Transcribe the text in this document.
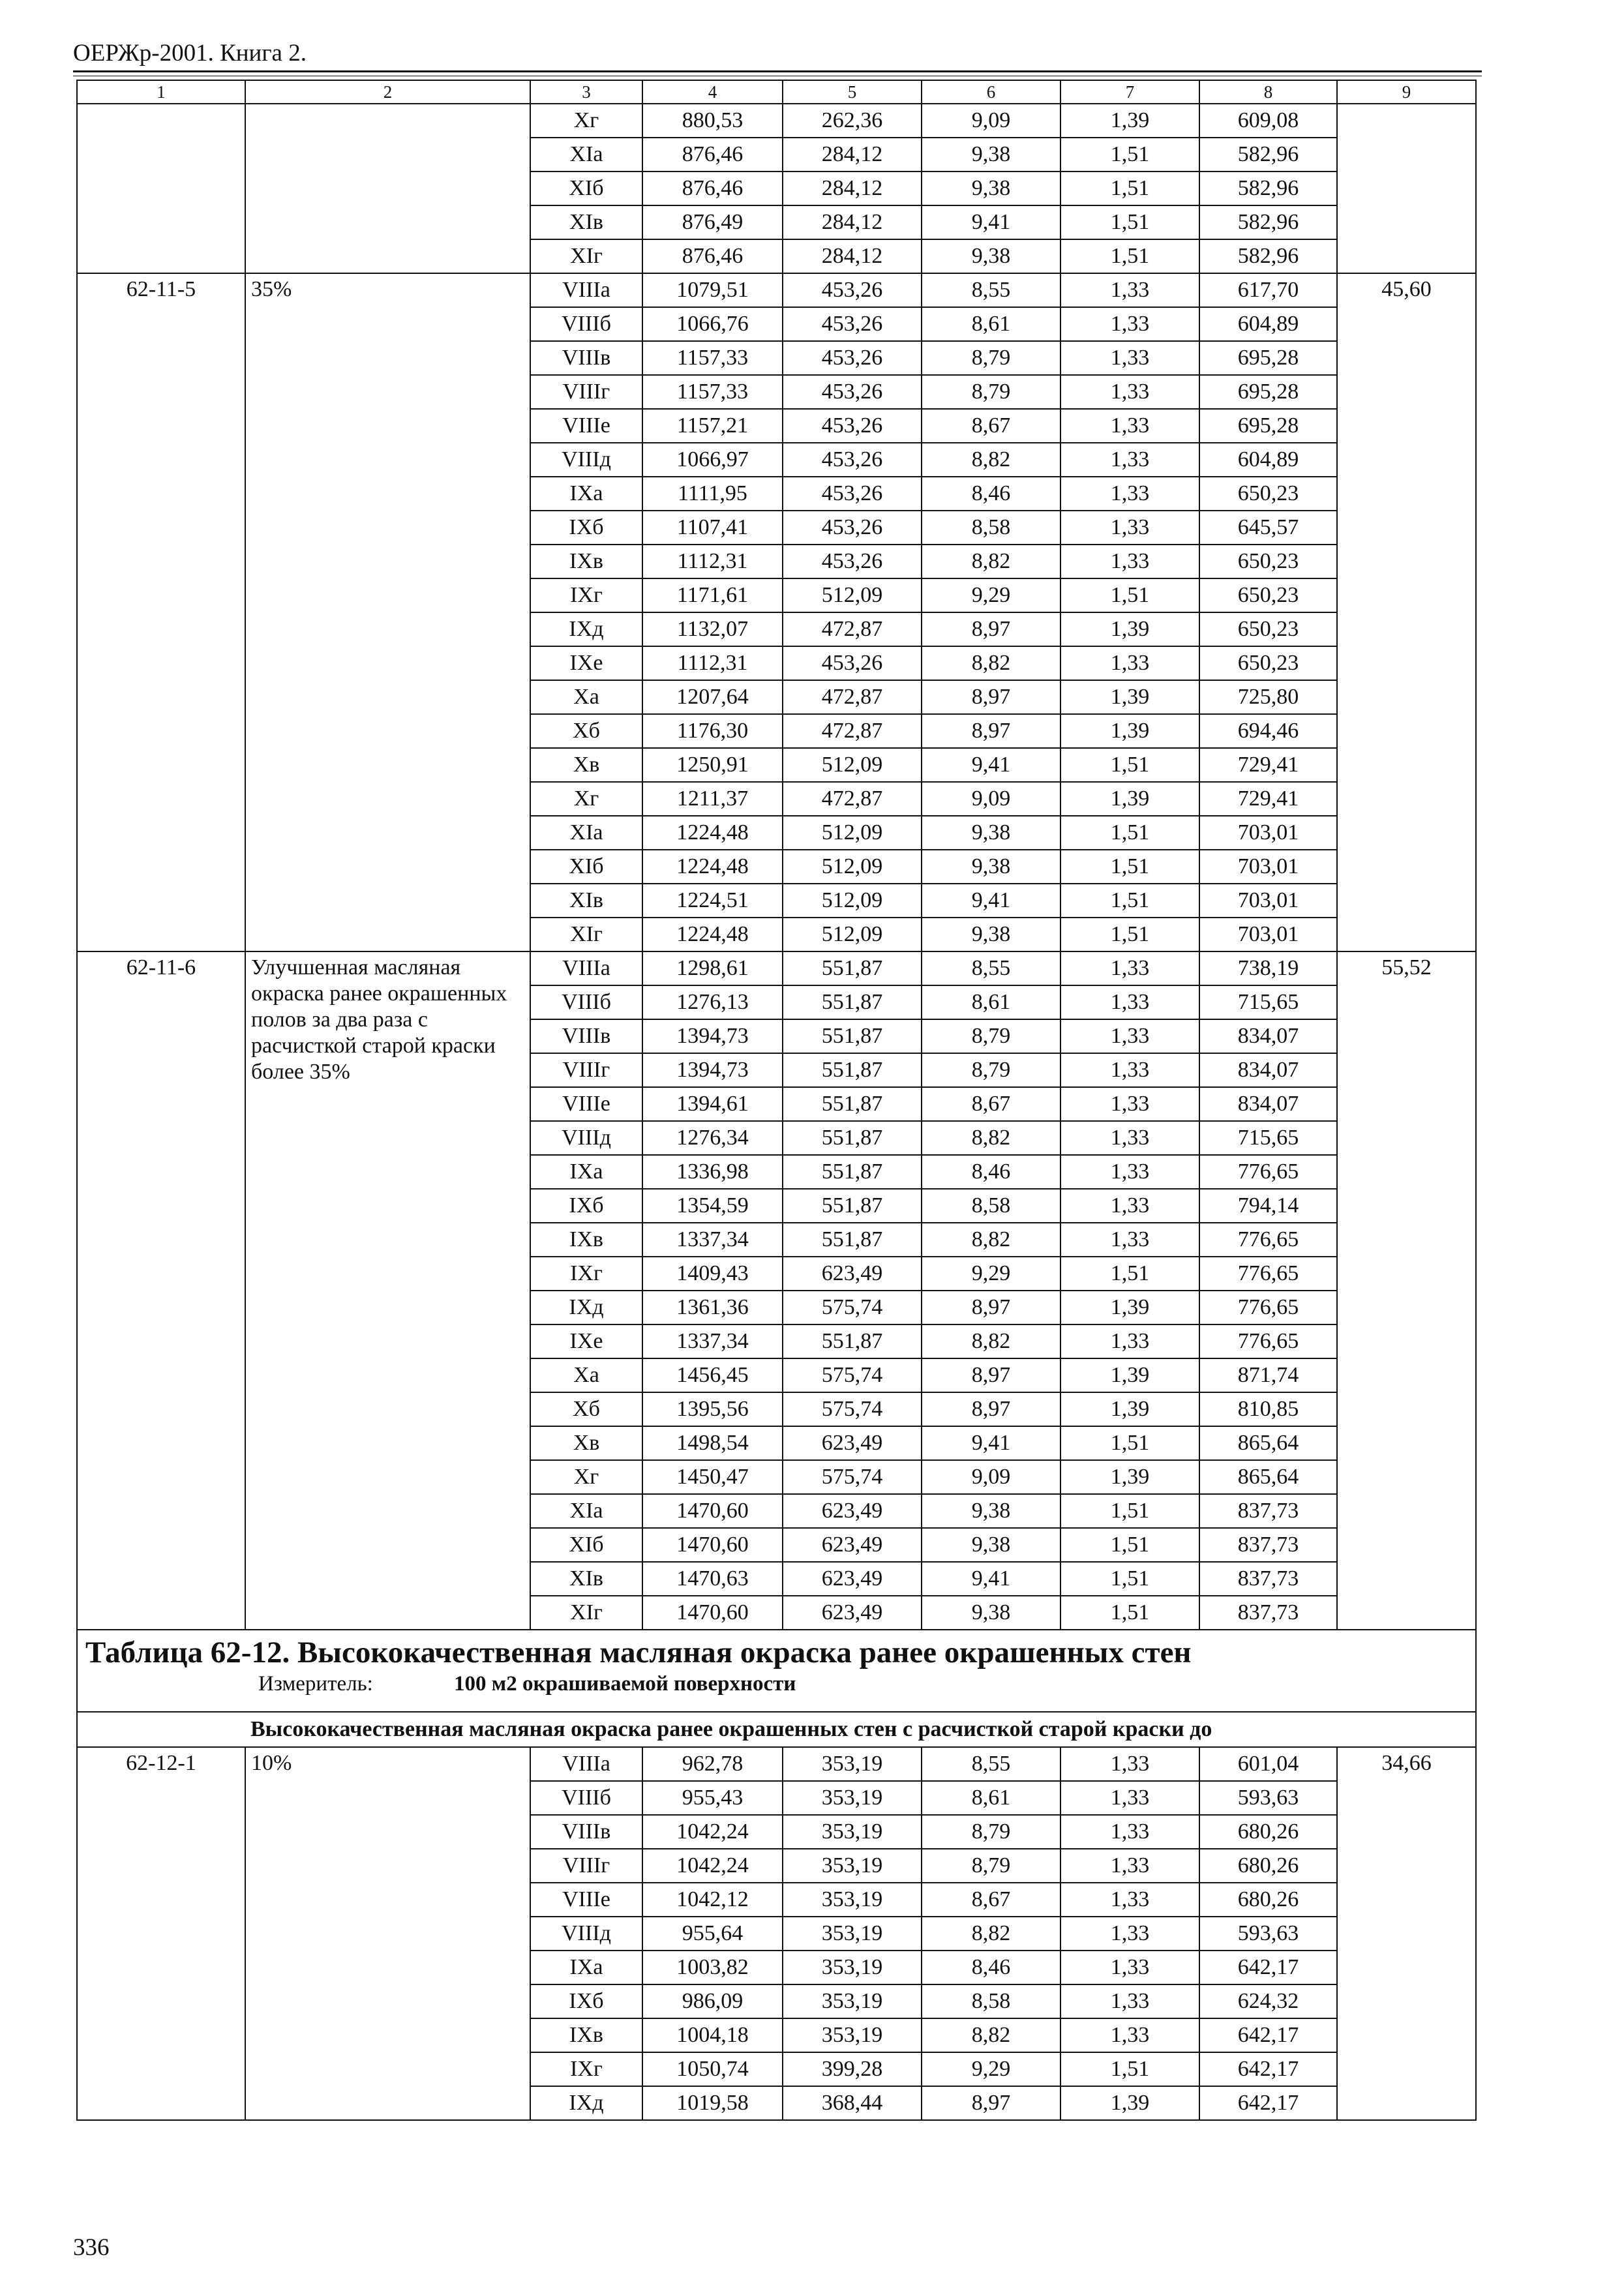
ОЕРЖр-2001. Книга 2.
1	2	3	4	5	6	7	8	9
		Xг	880,53	262,36	9,09	1,39	609,08	
		XIа	876,46	284,12	9,38	1,51	582,96	
		XIб	876,46	284,12	9,38	1,51	582,96	
		XIв	876,49	284,12	9,41	1,51	582,96	
		XIг	876,46	284,12	9,38	1,51	582,96	
62-11-5	35%	VIIIа	1079,51	453,26	8,55	1,33	617,70	45,60
		VIIIб	1066,76	453,26	8,61	1,33	604,89	
		VIIIв	1157,33	453,26	8,79	1,33	695,28	
		VIIIг	1157,33	453,26	8,79	1,33	695,28	
		VIIIе	1157,21	453,26	8,67	1,33	695,28	
		VIIIд	1066,97	453,26	8,82	1,33	604,89	
		IXа	1111,95	453,26	8,46	1,33	650,23	
		IXб	1107,41	453,26	8,58	1,33	645,57	
		IXв	1112,31	453,26	8,82	1,33	650,23	
		IXг	1171,61	512,09	9,29	1,51	650,23	
		IXд	1132,07	472,87	8,97	1,39	650,23	
		IXе	1112,31	453,26	8,82	1,33	650,23	
		Xа	1207,64	472,87	8,97	1,39	725,80	
		Xб	1176,30	472,87	8,97	1,39	694,46	
		Xв	1250,91	512,09	9,41	1,51	729,41	
		Xг	1211,37	472,87	9,09	1,39	729,41	
		XIа	1224,48	512,09	9,38	1,51	703,01	
		XIб	1224,48	512,09	9,38	1,51	703,01	
		XIв	1224,51	512,09	9,41	1,51	703,01	
		XIг	1224,48	512,09	9,38	1,51	703,01	
62-11-6	Улучшенная масляная окраска ранее окрашенных полов за два раза с расчисткой старой краски более 35%	VIIIа	1298,61	551,87	8,55	1,33	738,19	55,52
		VIIIб	1276,13	551,87	8,61	1,33	715,65	
		VIIIв	1394,73	551,87	8,79	1,33	834,07	
		VIIIг	1394,73	551,87	8,79	1,33	834,07	
		VIIIе	1394,61	551,87	8,67	1,33	834,07	
		VIIIд	1276,34	551,87	8,82	1,33	715,65	
		IXа	1336,98	551,87	8,46	1,33	776,65	
		IXб	1354,59	551,87	8,58	1,33	794,14	
		IXв	1337,34	551,87	8,82	1,33	776,65	
		IXг	1409,43	623,49	9,29	1,51	776,65	
		IXд	1361,36	575,74	8,97	1,39	776,65	
		IXе	1337,34	551,87	8,82	1,33	776,65	
		Xа	1456,45	575,74	8,97	1,39	871,74	
		Xб	1395,56	575,74	8,97	1,39	810,85	
		Xв	1498,54	623,49	9,41	1,51	865,64	
		Xг	1450,47	575,74	9,09	1,39	865,64	
		XIа	1470,60	623,49	9,38	1,51	837,73	
		XIб	1470,60	623,49	9,38	1,51	837,73	
		XIв	1470,63	623,49	9,41	1,51	837,73	
		XIг	1470,60	623,49	9,38	1,51	837,73	

Таблица 62-12. Высококачественная масляная окраска ранее окрашенных стен
Измеритель: 100 м2 окрашиваемой поверхности								

Высококачественная масляная окраска ранее окрашенных стен с расчисткой старой краски до								
62-12-1	10%	VIIIа	962,78	353,19	8,55	1,33	601,04	34,66
		VIIIб	955,43	353,19	8,61	1,33	593,63	
		VIIIв	1042,24	353,19	8,79	1,33	680,26	
		VIIIг	1042,24	353,19	8,79	1,33	680,26	
		VIIIе	1042,12	353,19	8,67	1,33	680,26	
		VIIIд	955,64	353,19	8,82	1,33	593,63	
		IXа	1003,82	353,19	8,46	1,33	642,17	
		IXб	986,09	353,19	8,58	1,33	624,32	
		IXв	1004,18	353,19	8,82	1,33	642,17	
		IXг	1050,74	399,28	9,29	1,51	642,17	
		IXд	1019,58	368,44	8,97	1,39	642,17	
336
